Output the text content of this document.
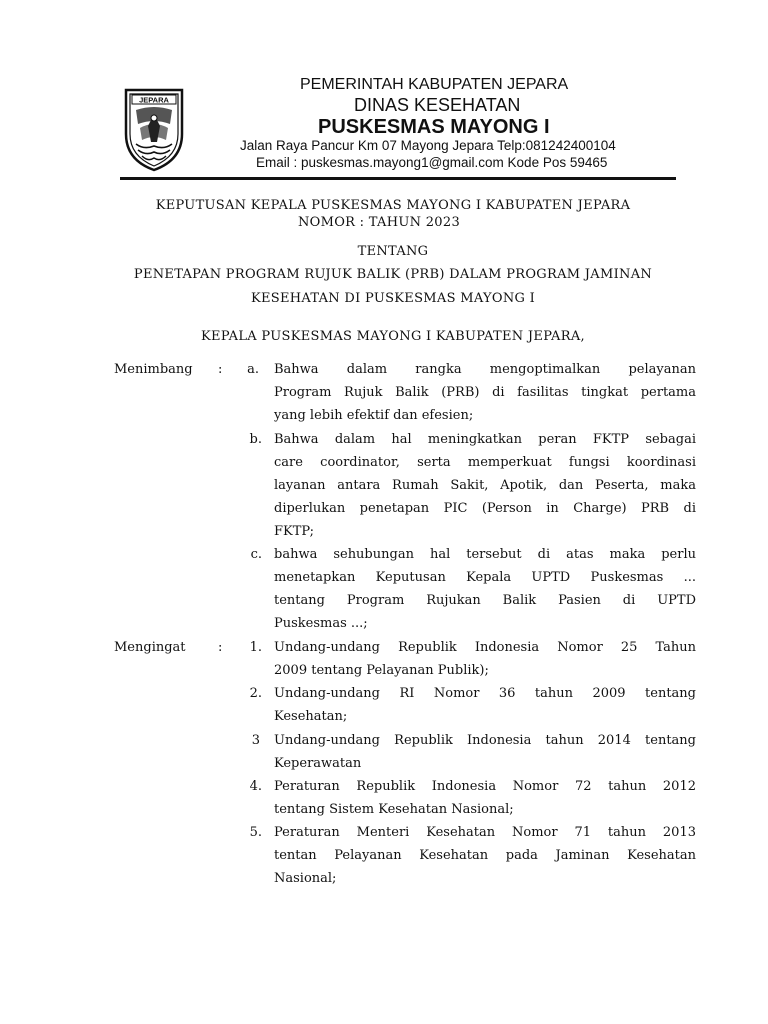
JEPARA
PEMERINTAH KABUPATEN JEPARA
DINAS KESEHATAN
PUSKESMAS MAYONG I
Jalan Raya Pancur Km 07 Mayong Jepara Telp:081242400104
Email : puskesmas.mayong1@gmail.com Kode Pos 59465
KEPUTUSAN KEPALA PUSKESMAS MAYONG I KABUPATEN JEPARA
NOMOR : TAHUN 2023
TENTANG
PENETAPAN PROGRAM RUJUK BALIK (PRB) DALAM PROGRAM JAMINAN
KESEHATAN DI PUSKESMAS MAYONG I
KEPALA PUSKESMAS MAYONG I KABUPATEN JEPARA,
Menimbang :	a. Bahwa dalam rangka mengoptimalkan pelayanan
Program Rujuk Balik (PRB) di fasilitas tingkat pertama
yang lebih efektif dan efesien;
b. Bahwa dalam hal meningkatkan peran FKTP sebagai
care coordinator, serta memperkuat fungsi koordinasi
layanan antara Rumah Sakit, Apotik, dan Peserta, maka
diperlukan penetapan PIC (Person in Charge) PRB di
FKTP;
c. bahwa sehubungan hal tersebut di atas maka perlu
menetapkan Keputusan Kepala UPTD Puskesmas ...
tentang Program Rujukan Balik Pasien di UPTD
Puskesmas ...;
Mengingat :	1. Undang-undang Republik Indonesia Nomor 25 Tahun
2009 tentang Pelayanan Publik);
2. Undang-undang RI Nomor 36 tahun 2009 tentang
Kesehatan;
3 Undang-undang Republik Indonesia tahun 2014 tentang
Keperawatan
4. Peraturan Republik Indonesia Nomor 72 tahun 2012
tentang Sistem Kesehatan Nasional;
5. Peraturan Menteri Kesehatan Nomor 71 tahun 2013
tentan Pelayanan Kesehatan pada Jaminan Kesehatan
Nasional;
